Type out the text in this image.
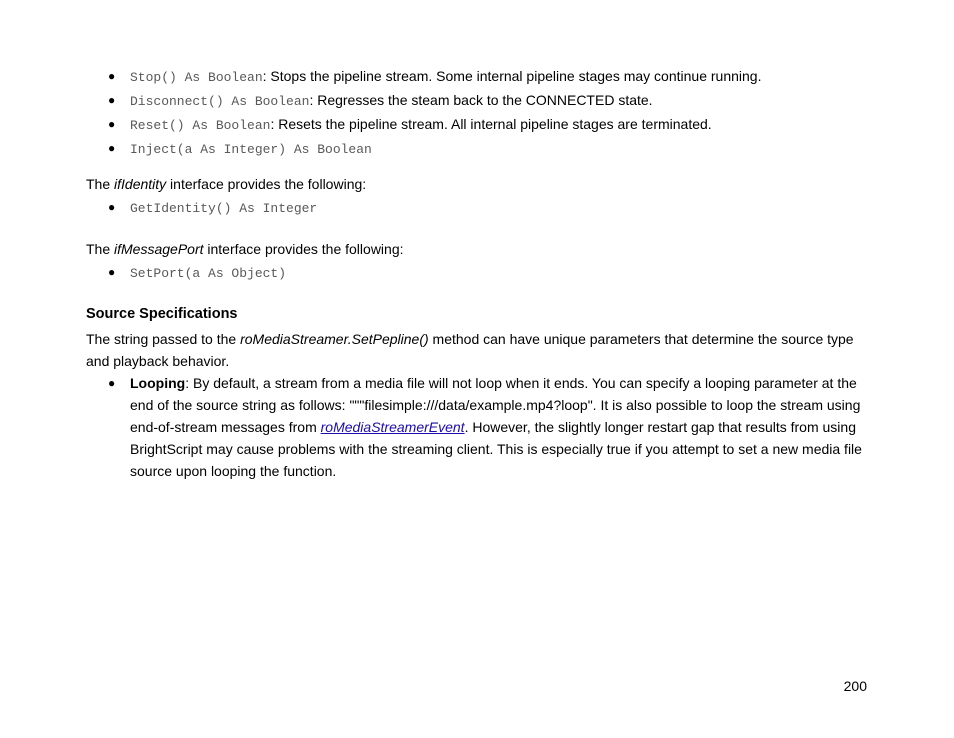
● Stop() As Boolean: Stops the pipeline stream. Some internal pipeline stages may continue running.
● Disconnect() As Boolean: Regresses the steam back to the CONNECTED state.
● Reset() As Boolean: Resets the pipeline stream. All internal pipeline stages are terminated.
● Inject(a As Integer) As Boolean

The ifIdentity interface provides the following:

● GetIdentity() As Integer

The ifMessagePort interface provides the following:

● SetPort(a As Object)
Source Specifications

The string passed to the roMediaStreamer.SetPepline() method can have unique parameters that determine the source type and playback behavior.

● Looping: By default, a stream from a media file will not loop when it ends. You can specify a looping parameter at the end of the source string as follows: """filesimple:///data/example.mp4?loop". It is also possible to loop the stream using end-of-stream messages from roMediaStreamerEvent. However, the slightly longer restart gap that results from using BrightScript may cause problems with the streaming client. This is especially true if you attempt to set a new media file source upon looping the function.
200
